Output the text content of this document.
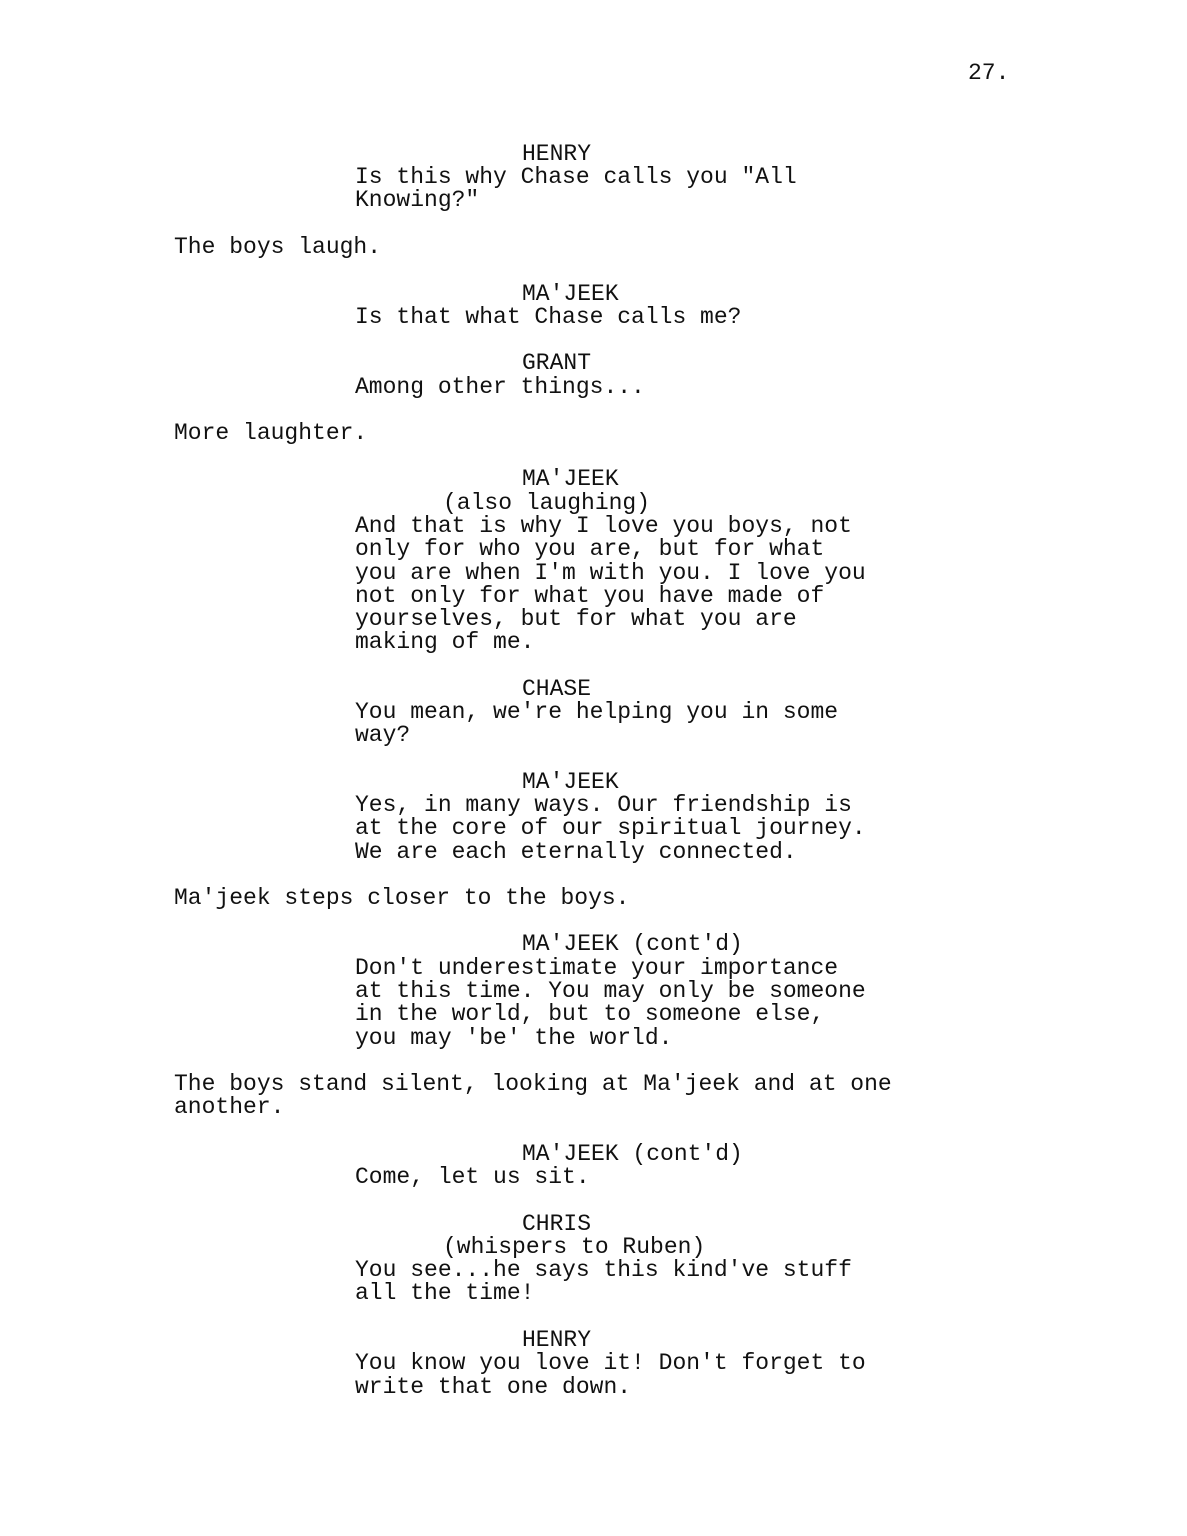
27.
HENRY
Is this why Chase calls you "All
Knowing?"
The boys laugh.
MA'JEEK
Is that what Chase calls me?
GRANT
Among other things...
More laughter.
MA'JEEK
(also laughing)
And that is why I love you boys, not
only for who you are, but for what
you are when I'm with you. I love you
not only for what you have made of
yourselves, but for what you are
making of me.
CHASE
You mean, we're helping you in some
way?
MA'JEEK
Yes, in many ways. Our friendship is
at the core of our spiritual journey.
We are each eternally connected.
Ma'jeek steps closer to the boys.
MA'JEEK (cont'd)
Don't underestimate your importance
at this time. You may only be someone
in the world, but to someone else,
you may 'be' the world.
The boys stand silent, looking at Ma'jeek and at one
another.
MA'JEEK (cont'd)
Come, let us sit.
CHRIS
(whispers to Ruben)
You see...he says this kind've stuff
all the time!
HENRY
You know you love it! Don't forget to
write that one down.
